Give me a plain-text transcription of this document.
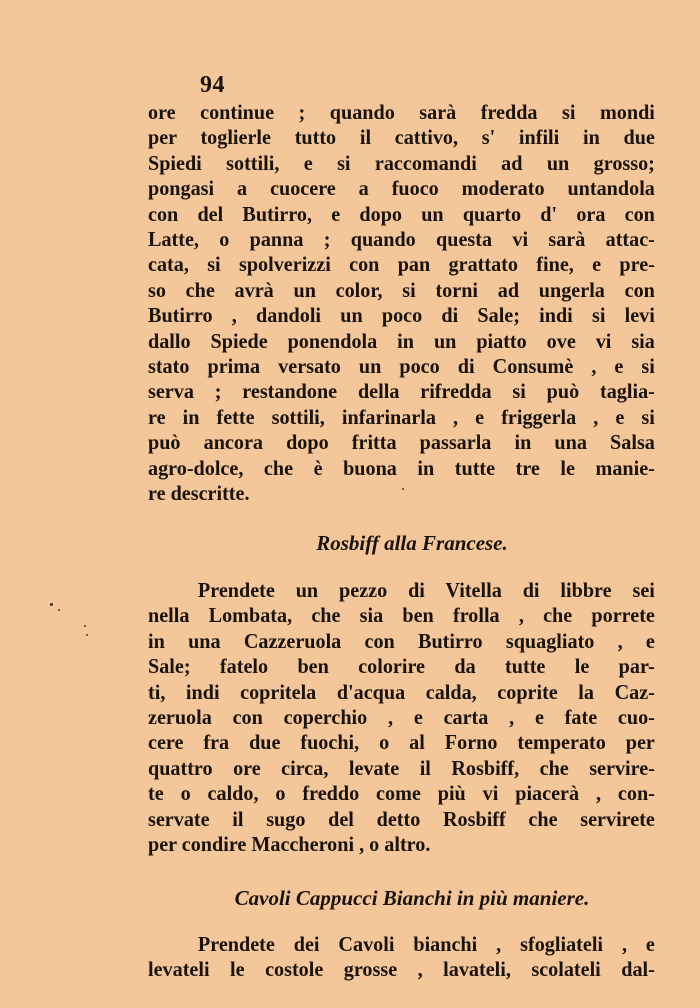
94
ore continue ; quando sarà fredda si mondi
per toglierle tutto il cattivo, s' infili in due
Spiedi sottili, e si raccomandi ad un grosso;
pongasi a cuocere a fuoco moderato untandola
con del Butirro, e dopo un quarto d' ora con
Latte, o panna ; quando questa vi sarà attac-
cata, si spolverizzi con pan grattato fine, e pre-
so che avrà un color, si torni ad ungerla con
Butirro , dandoli un poco di Sale; indi si levi
dallo Spiede ponendola in un piatto ove vi sia
stato prima versato un poco di Consumè , e si
serva ; restandone della rifredda si può taglia-
re in fette sottili, infarinarla , e friggerla , e si
può ancora dopo fritta passarla in una Salsa
agro-dolce, che è buona in tutte tre le manie-
re descritte.
Rosbiff alla Francese.
Prendete un pezzo di Vitella di libbre sei
nella Lombata, che sia ben frolla , che porrete
in una Cazzeruola con Butirro squagliato , e
Sale; fatelo ben colorire da tutte le par-
ti, indi copritela d'acqua calda, coprite la Caz-
zeruola con coperchio , e carta , e fate cuo-
cere fra due fuochi, o al Forno temperato per
quattro ore circa, levate il Rosbiff, che servire-
te o caldo, o freddo come più vi piacerà , con-
servate il sugo del detto Rosbiff che servirete
per condire Maccheroni , o altro.
Cavoli Cappucci Bianchi in più maniere.
Prendete dei Cavoli bianchi , sfogliateli , e
levateli le costole grosse , lavateli, scolateli dal-
